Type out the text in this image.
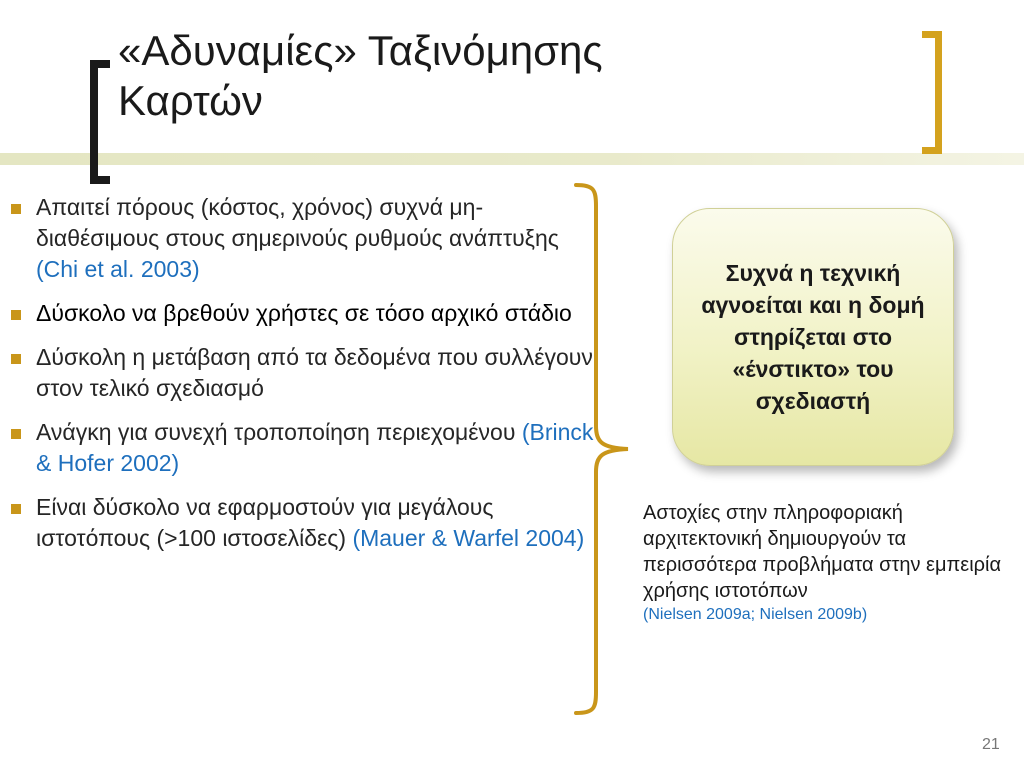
«Αδυναμίες» Ταξινόμησης
Καρτών
Απαιτεί πόρους (κόστος, χρόνος) συχνά μη-διαθέσιμους στους σημερινούς ρυθμούς ανάπτυξης (Chi et al. 2003)
Δύσκολο να βρεθούν χρήστες σε τόσο αρχικό στάδιο
Δύσκολη η μετάβαση από τα δεδομένα που συλλέγουν στον τελικό σχεδιασμό
Ανάγκη για συνεχή τροποποίηση περιεχομένου (Brinck & Hofer 2002)
Είναι δύσκολο να εφαρμοστούν για μεγάλους ιστοτόπους (>100 ιστοσελίδες) (Mauer & Warfel 2004)
Συχνά η τεχνική αγνοείται και η δομή στηρίζεται στο «ένστικτο» του σχεδιαστή
Αστοχίες στην πληροφοριακή αρχιτεκτονική δημιουργούν τα περισσότερα προβλήματα στην εμπειρία χρήσης ιστοτόπων
(Nielsen 2009a; Nielsen 2009b)
21
